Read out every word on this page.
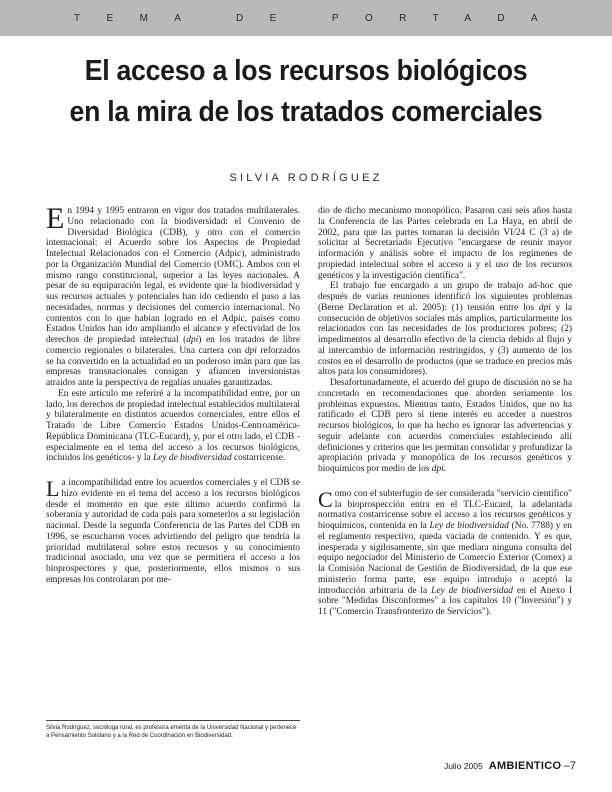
TEMA DE PORTADA
El acceso a los recursos biológicos
en la mira de los tratados comerciales
SILVIA RODRÍGUEZ

En 1994 y 1995 entraron en vigor dos tratados multilaterales. Uno relacionado con la biodiversidad: el Convenio de Diversidad Biológica (CDB), y otro con el comercio internacional: el Acuerdo sobre los Aspectos de Propiedad Intelectual Relacionados con el Comercio (Adpic), administrado por la Organización Mundial del Comercio (OMC). Ambos con el mismo rango constitucional, superior a las leyes nacionales. A pesar de su equiparación legal, es evidente que la biodiversidad y sus recursos actuales y potenciales han ido cediendo el paso a las necesidades, normas y decisiones del comercio internacional. No contentos con lo que habían logrado en el Adpic, países como Estados Unidos han ido ampliando el alcance y efectividad de los derechos de propiedad intelectual (dpi) en los tratados de libre comercio regionales o bilaterales. Una cartera con dpi reforzados se ha convertido en la actualidad en un poderoso imán para que las empresas transnacionales consigan y afiancen inversionistas atraídos ante la perspectiva de regalías anuales garantizadas.

En este artículo me referiré a la incompatibilidad entre, por un lado, los derechos de propiedad intelectual establecidos multilateral y bilateralmente en distintos acuerdos comerciales, entre ellos el Tratado de Libre Comercio Estados Unidos-Centroamérica-República Dominicana (TLC-Eucard), y, por el otro lado, el CDB -especialmente en el tema del acceso a los recursos biológicos, incluidos los genéticos- y la Ley de biodiversidad costarricense.

La incompatibilidad entre los acuerdos comerciales y el CDB se hizo evidente en el tema del acceso a los recursos biológicos desde el momento en que este último acuerdo confirmó la soberanía y autoridad de cada país para someterlos a su legislación nacional. Desde la segunda Conferencia de las Partes del CDB en 1996, se escucharon voces advirtiendo del peligro que tendría la prioridad multilateral sobre estos recursos y su conocimiento tradicional asociado, una vez que se permitiera el acceso a los bioprospectores y que, posteriormente, ellos mismos o sus empresas los controlaran por me-

dio de dicho mecanismo monopólico. Pasaron casi seis años hasta la Conferencia de las Partes celebrada en La Haya, en abril de 2002, para que las partes tomaran la decisión VI/24 C (3 a) de solicitar al Secretariado Ejecutivo "encargarse de reunir mayor información y análisis sobre el impacto de los regímenes de propiedad intelectual sobre el acceso a y el uso de los recursos genéticos y la investigación científica".

El trabajo fue encargado a un grupo de trabajo ad-hoc que después de varias reuniones identificó los siguientes problemas (Berne Declaration et al. 2005): (1) tensión entre los dpi y la consecución de objetivos sociales más amplios, particularmente los relacionados con las necesidades de los productores pobres; (2) impedimentos al desarrollo efectivo de la ciencia debido al flujo y al intercambio de información restringidos, y (3) aumento de los costos en el desarrollo de productos (que se traduce en precios más altos para los consumidores).

Desafortunadamente, el acuerdo del grupo de discusión no se ha concretado en recomendaciones que aborden seriamente los problemas expuestos. Mientras tanto, Estados Unidos, que no ha ratificado el CDB pero sí tiene interés en acceder a nuestros recursos biológicos, lo que ha hecho es ignorar las advertencias y seguir adelante con acuerdos comerciales estableciendo allí definiciones y criterios que les permitan consolidar y profundizar la apropiación privada y monopólica de los recursos genéticos y bioquímicos por medio de los dpi.

Como con el subterfugio de ser considerada "servicio científico" la bioprospección entra en el TLC-Eucard, la adelantada normativa costarricense sobre el acceso a los recursos genéticos y bioquímicos, contenida en la Ley de biodiversidad (No. 7788) y en el reglamento respectivo, queda vaciada de contenido. Y es que, inesperada y sigilosamente, sin que mediara ninguna consulta del equipo negociador del Ministerio de Comercio Exterior (Comex) a la Comisión Nacional de Gestión de Biodiversidad, de la que ese ministerio forma parte, ese equipo introdujo o aceptó la introducción arbitraria de la Ley de biodiversidad en el Anexo I sobre "Medidas Disconformes" a los capítulos 10 ("Inversión") y 11 ("Comercio Transfronterizo de Servicios").

Silvia Rodríguez, socióloga rural, es profesora emérita de la Universidad Nacional y pertenece a Pensamiento Solidario y a la Red de Coordinación en Biodiversidad.
Julio 2005 AMBIENTICO –7
